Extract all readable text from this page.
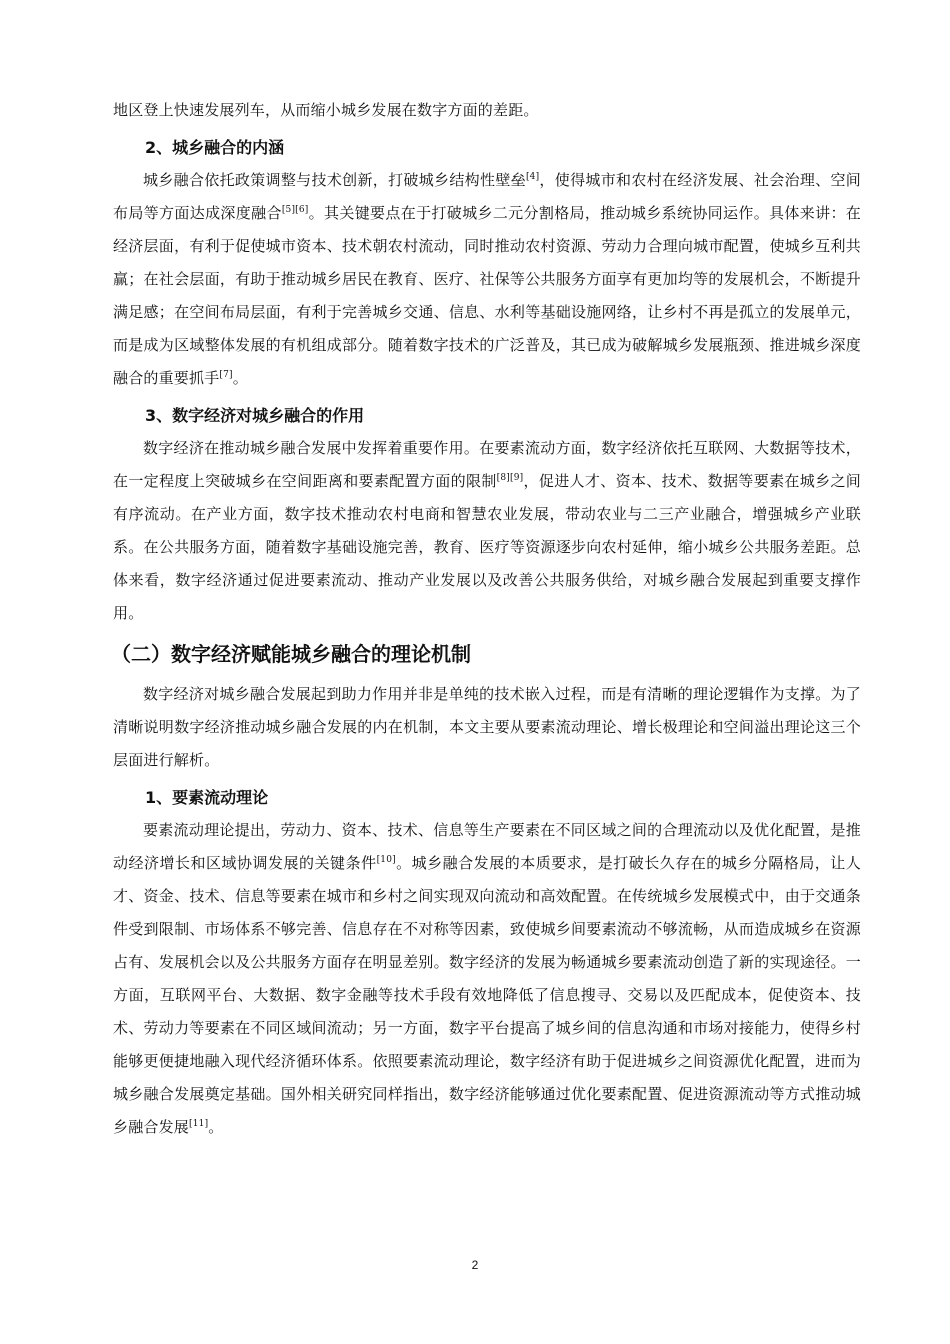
地区登上快速发展列车，从而缩小城乡发展在数字方面的差距。

2、城乡融合的内涵

城乡融合依托政策调整与技术创新，打破城乡结构性壁垒[4]，使得城市和农村在经济发展、社会治理、空间布局等方面达成深度融合[5][6]。其关键要点在于打破城乡二元分割格局，推动城乡系统协同运作。具体来讲：在经济层面，有利于促使城市资本、技术朝农村流动，同时推动农村资源、劳动力合理向城市配置，使城乡互利共赢；在社会层面，有助于推动城乡居民在教育、医疗、社保等公共服务方面享有更加均等的发展机会，不断提升满足感；在空间布局层面，有利于完善城乡交通、信息、水利等基础设施网络，让乡村不再是孤立的发展单元，而是成为区域整体发展的有机组成部分。随着数字技术的广泛普及，其已成为破解城乡发展瓶颈、推进城乡深度融合的重要抓手[7]。

3、数字经济对城乡融合的作用

数字经济在推动城乡融合发展中发挥着重要作用。在要素流动方面，数字经济依托互联网、大数据等技术，在一定程度上突破城乡在空间距离和要素配置方面的限制[8][9]，促进人才、资本、技术、数据等要素在城乡之间有序流动。在产业方面，数字技术推动农村电商和智慧农业发展，带动农业与二三产业融合，增强城乡产业联系。在公共服务方面，随着数字基础设施完善，教育、医疗等资源逐步向农村延伸，缩小城乡公共服务差距。总体来看，数字经济通过促进要素流动、推动产业发展以及改善公共服务供给，对城乡融合发展起到重要支撑作用。

（二）数字经济赋能城乡融合的理论机制

数字经济对城乡融合发展起到助力作用并非是单纯的技术嵌入过程，而是有清晰的理论逻辑作为支撑。为了清晰说明数字经济推动城乡融合发展的内在机制，本文主要从要素流动理论、增长极理论和空间溢出理论这三个层面进行解析。

1、要素流动理论

要素流动理论提出，劳动力、资本、技术、信息等生产要素在不同区域之间的合理流动以及优化配置，是推动经济增长和区域协调发展的关键条件[10]。城乡融合发展的本质要求，是打破长久存在的城乡分隔格局，让人才、资金、技术、信息等要素在城市和乡村之间实现双向流动和高效配置。在传统城乡发展模式中，由于交通条件受到限制、市场体系不够完善、信息存在不对称等因素，致使城乡间要素流动不够流畅，从而造成城乡在资源占有、发展机会以及公共服务方面存在明显差别。数字经济的发展为畅通城乡要素流动创造了新的实现途径。一方面，互联网平台、大数据、数字金融等技术手段有效地降低了信息搜寻、交易以及匹配成本，促使资本、技术、劳动力等要素在不同区域间流动；另一方面，数字平台提高了城乡间的信息沟通和市场对接能力，使得乡村能够更便捷地融入现代经济循环体系。依照要素流动理论，数字经济有助于促进城乡之间资源优化配置，进而为城乡融合发展奠定基础。国外相关研究同样指出，数字经济能够通过优化要素配置、促进资源流动等方式推动城乡融合发展[11]。

2
